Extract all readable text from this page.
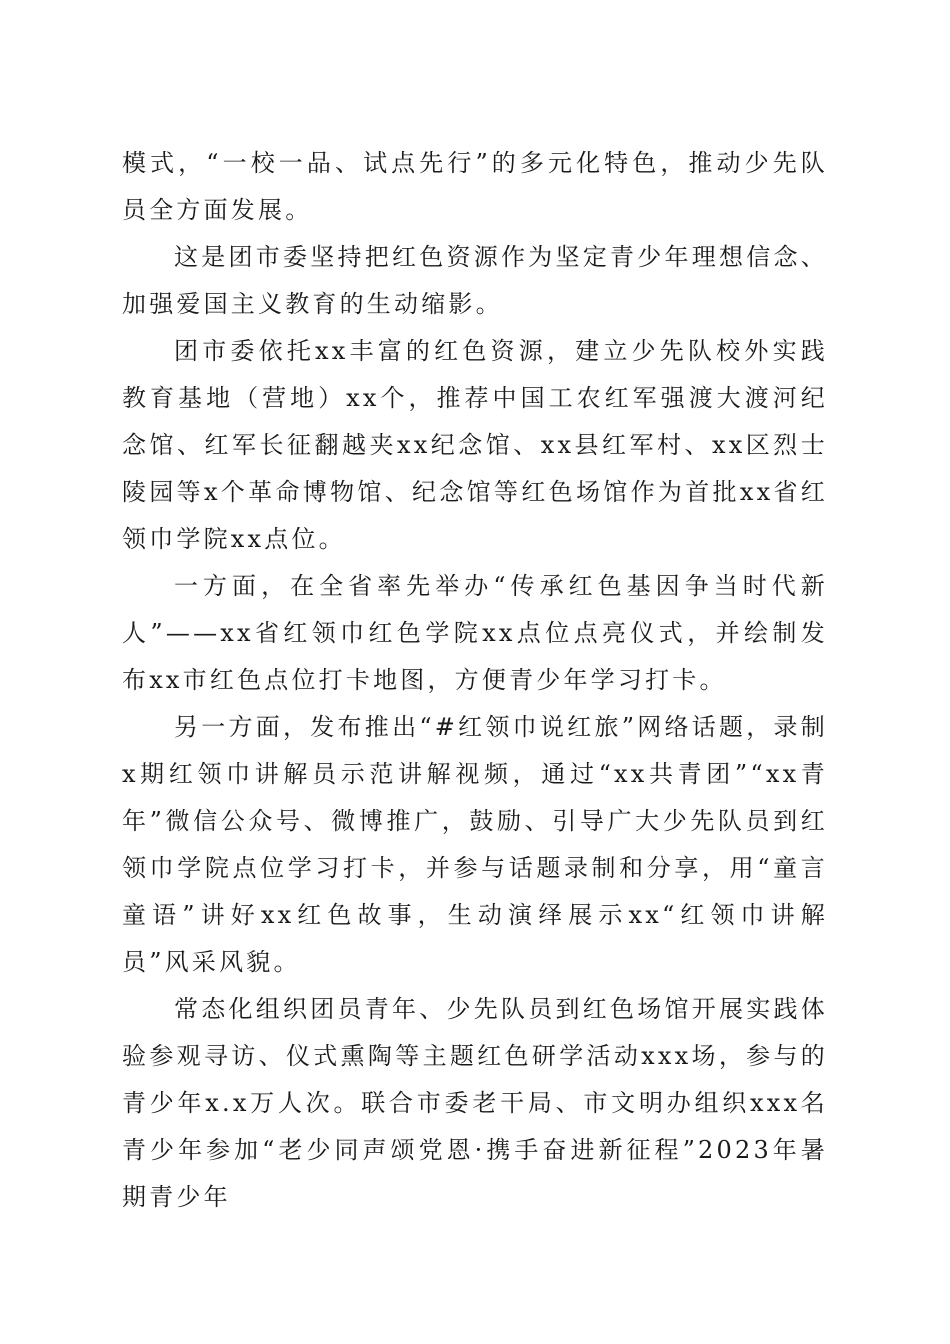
模式，“一校一品、试点先行”的多元化特色，推动少先队员全方面发展。

这是团市委坚持把红色资源作为坚定青少年理想信念、加强爱国主义教育的生动缩影。

团市委依托xx丰富的红色资源，建立少先队校外实践教育基地（营地）xx个，推荐中国工农红军强渡大渡河纪念馆、红军长征翻越夹xx纪念馆、xx县红军村、xx区烈士陵园等x个革命博物馆、纪念馆等红色场馆作为首批xx省红领巾学院xx点位。

一方面，在全省率先举办“传承红色基因争当时代新人”——xx省红领巾红色学院xx点位点亮仪式，并绘制发布xx市红色点位打卡地图，方便青少年学习打卡。

另一方面，发布推出“#红领巾说红旅”网络话题，录制x期红领巾讲解员示范讲解视频，通过“xx共青团”“xx青年”微信公众号、微博推广，鼓励、引导广大少先队员到红领巾学院点位学习打卡，并参与话题录制和分享，用“童言童语”讲好xx红色故事，生动演绎展示xx“红领巾讲解员”风采风貌。

常态化组织团员青年、少先队员到红色场馆开展实践体验参观寻访、仪式熏陶等主题红色研学活动xxx场，参与的青少年x.x万人次。联合市委老干局、市文明办组织xxx名青少年参加“老少同声颂党恩·携手奋进新征程”2023年暑期青少年
